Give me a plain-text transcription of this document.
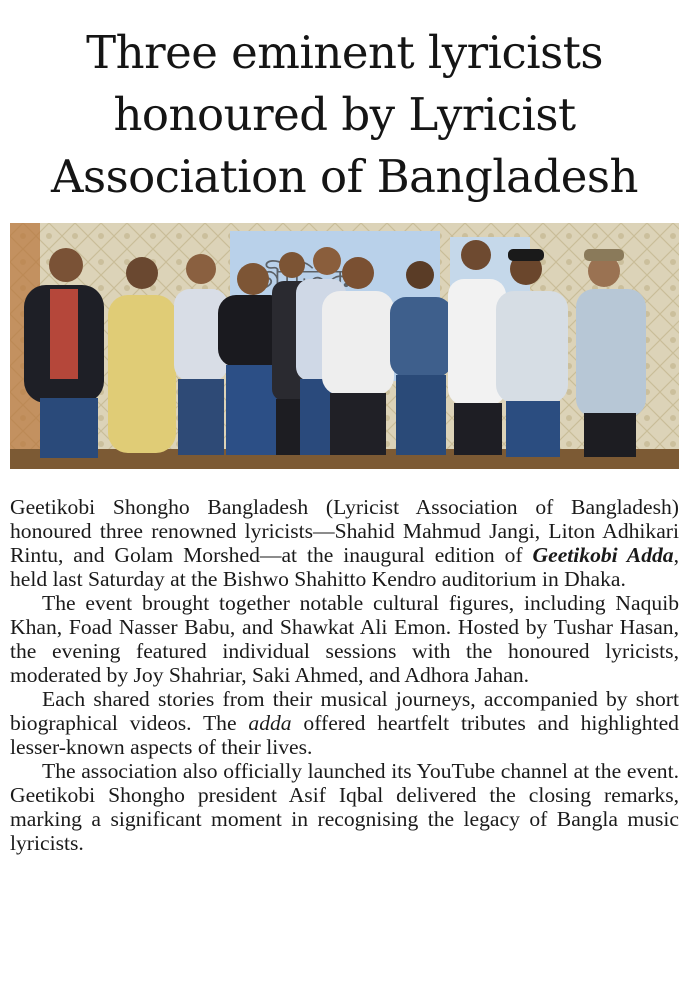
Three eminent lyricists
honoured by Lyricist
Association of Bangladesh

Geetikobi Shongho Bangladesh (Lyricist Association of Bangladesh) honoured three renowned lyricists—Shahid Mahmud Jangi, Liton Adhikari Rintu, and Golam Morshed—at the inaugural edition of Geetikobi Adda, held last Saturday at the Bishwo Shahitto Kendro auditorium in Dhaka.

The event brought together notable cultural figures, including Naquib Khan, Foad Nasser Babu, and Shawkat Ali Emon. Hosted by Tushar Hasan, the evening featured individual sessions with the honoured lyricists, moderated by Joy Shahriar, Saki Ahmed, and Adhora Jahan.

Each shared stories from their musical journeys, accompanied by short biographical videos. The adda offered heartfelt tributes and highlighted lesser-known aspects of their lives.

The association also officially launched its YouTube channel at the event. Geetikobi Shongho president Asif Iqbal delivered the closing remarks, marking a significant moment in recognising the legacy of Bangla music lyricists.
